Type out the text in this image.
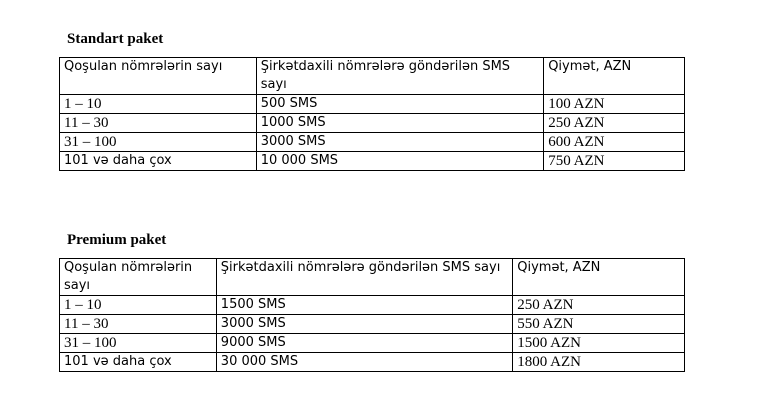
Standart paket

Qoşulan nömrələrin sayı	Şirkətdaxili nömrələrə göndərilən SMS sayı	Qiymət, AZN
1 – 10	500 SMS	100 AZN
11 – 30	1000 SMS	250 AZN
31 – 100	3000 SMS	600 AZN
101 və daha çox	10 000 SMS	750 AZN

Premium paket

Qoşulan nömrələrin sayı	Şirkətdaxili nömrələrə göndərilən SMS sayı	Qiymət, AZN
1 – 10	1500 SMS	250 AZN
11 – 30	3000 SMS	550 AZN
31 – 100	9000 SMS	1500 AZN
101 və daha çox	30 000 SMS	1800 AZN
